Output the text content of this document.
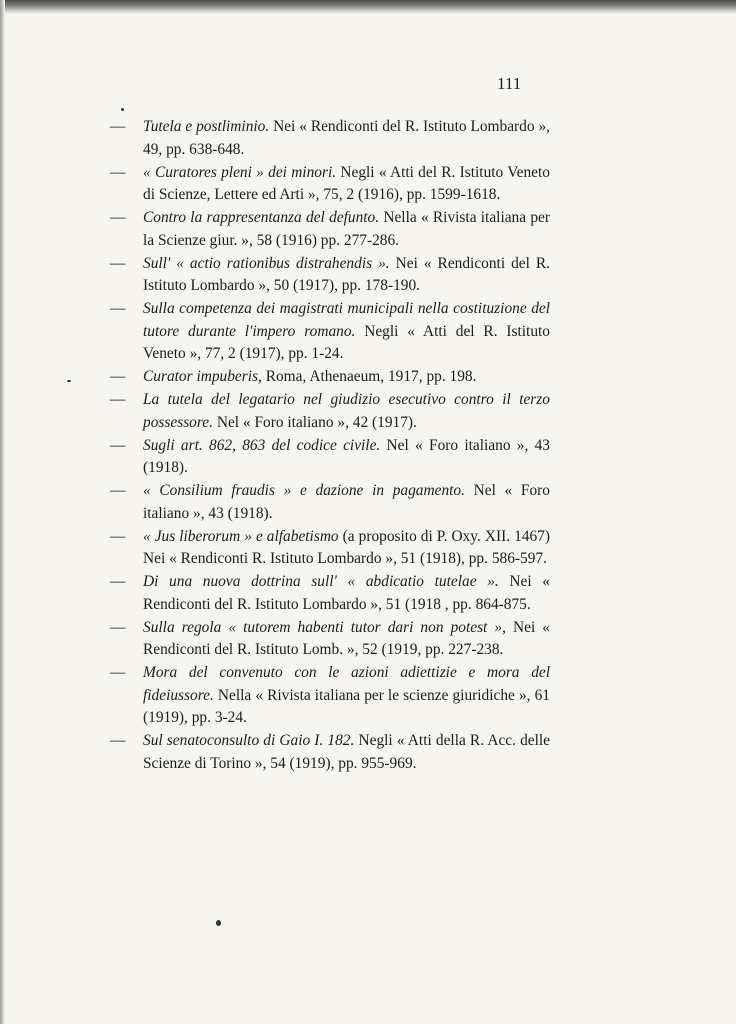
111
—	Tutela e postliminio. Nei « Rendiconti del R. Istituto Lombardo », 49, pp. 638-648.
—	« Curatores pleni » dei minori. Negli « Atti del R. Istituto Veneto di Scienze, Lettere ed Arti », 75, 2 (1916), pp. 1599-1618.
—	Contro la rappresentanza del defunto. Nella « Rivista italiana per la Scienze giur. », 58 (1916) pp. 277-286.
—	Sull' « actio rationibus distrahendis ». Nei « Rendiconti del R. Istituto Lombardo », 50 (1917), pp. 178-190.
—	Sulla competenza dei magistrati municipali nella costituzione del tutore durante l'impero romano. Negli « Atti del R. Istituto Veneto », 77, 2 (1917), pp. 1-24.
—	Curator impuberis, Roma, Athenaeum, 1917, pp. 198.
—	La tutela del legatario nel giudizio esecutivo contro il terzo possessore. Nel « Foro italiano », 42 (1917).
—	Sugli art. 862, 863 del codice civile. Nel « Foro italiano », 43 (1918).
—	« Consilium fraudis » e dazione in pagamento. Nel « Foro italiano », 43 (1918).
—	« Jus liberorum » e alfabetismo (a proposito di P. Oxy. XII. 1467) Nei « Rendiconti R. Istituto Lombardo », 51 (1918), pp. 586-597.
—	Di una nuova dottrina sull' « abdicatio tutelae ». Nei « Rendiconti del R. Istituto Lombardo », 51 (1918 , pp. 864-875.
—	Sulla regola « tutorem habenti tutor dari non potest », Nei « Rendiconti del R. Istituto Lomb. », 52 (1919, pp. 227-238.
—	Mora del convenuto con le azioni adiettizie e mora del fideiussore. Nella « Rivista italiana per le scienze giuridiche », 61 (1919), pp. 3-24.
—	Sul senatoconsulto di Gaio I. 182. Negli « Atti della R. Acc. delle Scienze di Torino », 54 (1919), pp. 955-969.
